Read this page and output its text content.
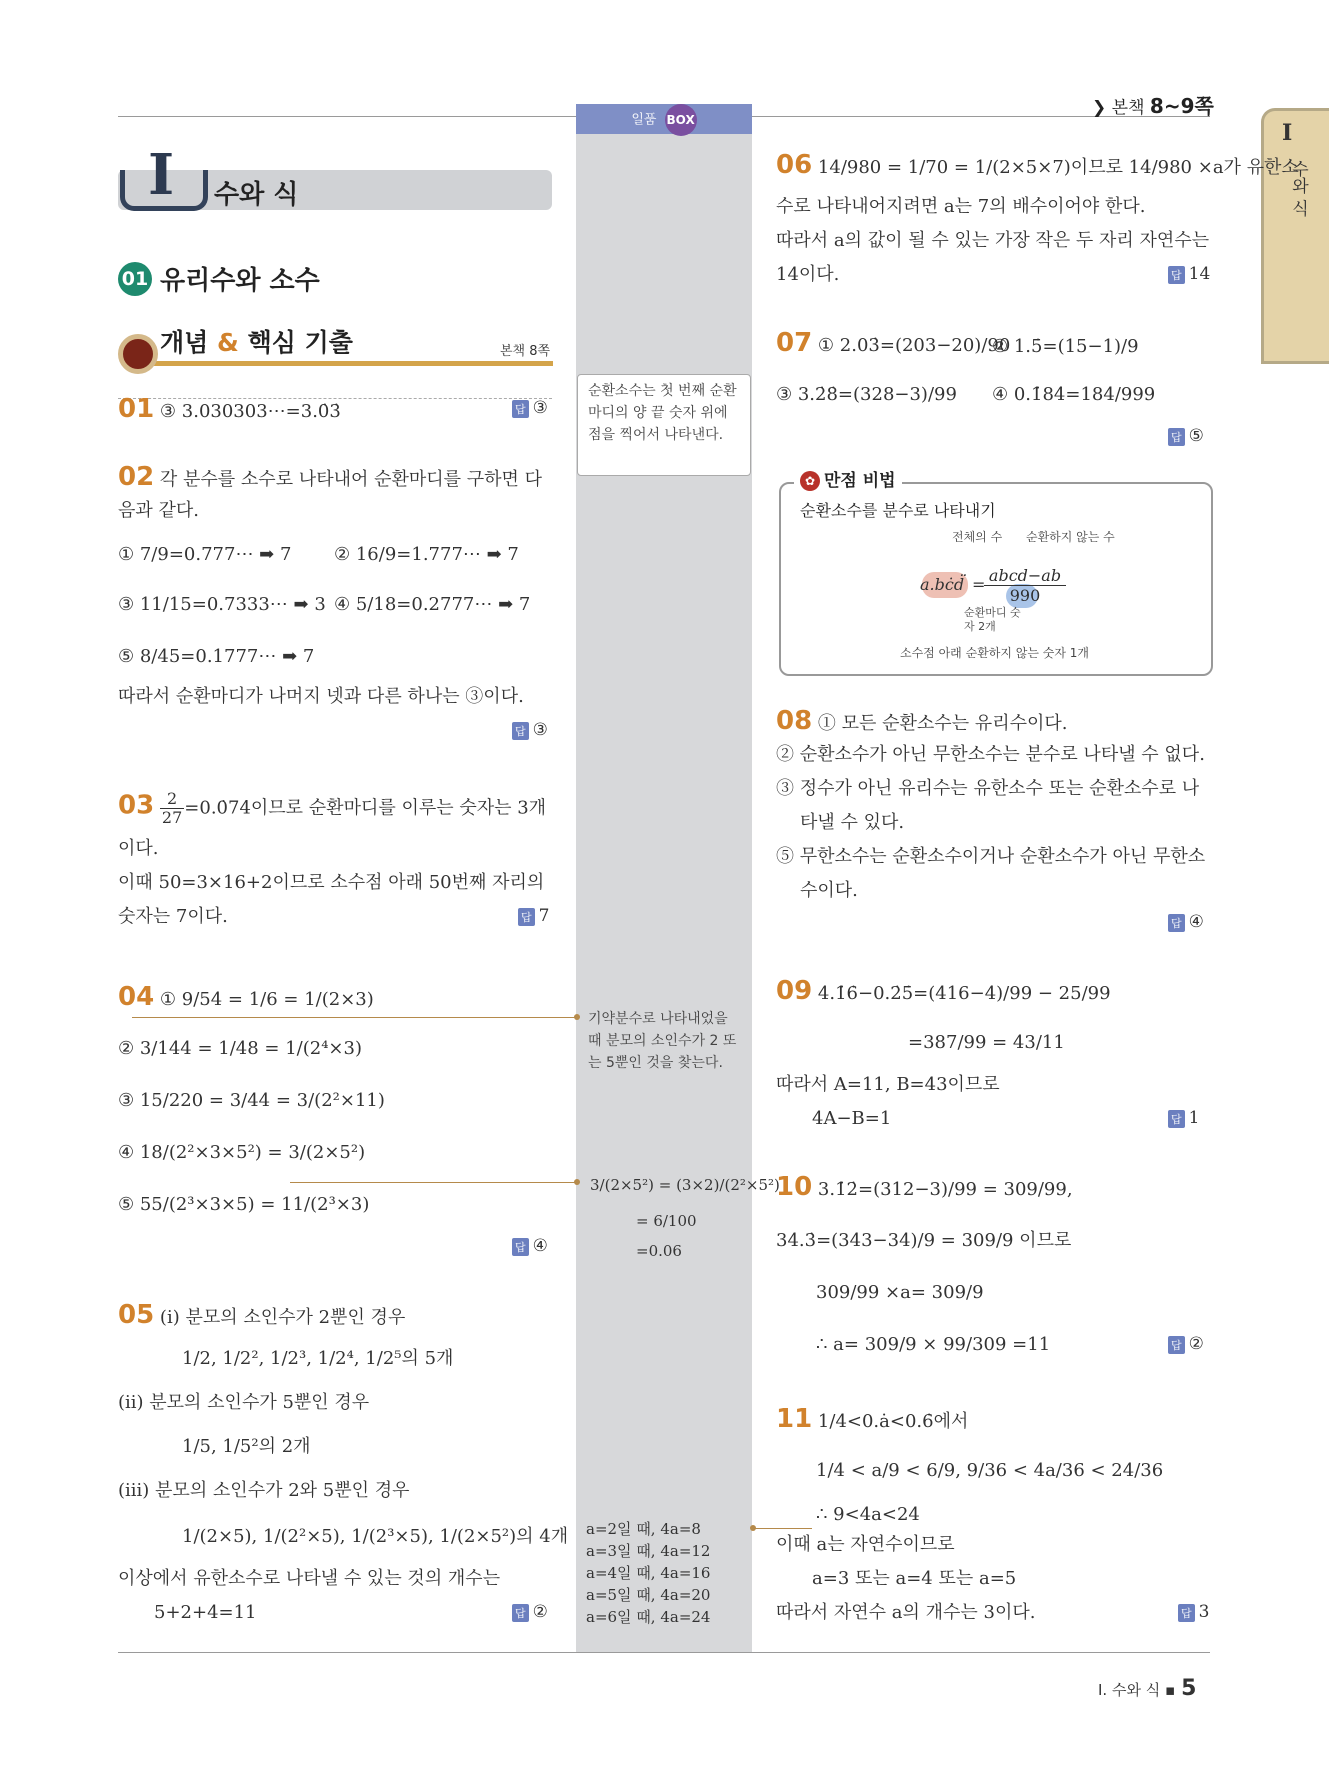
일품 BOX
❯ 본책 8~9쪽
I
수와 식
I 수와 식
01 유리수와 소수
개념 & 핵심 기출	본책 8쪽
01 ③ 3.030303⋯=3.0̇3̇	답 ③
02 각 분수를 소수로 나타내어 순환마디를 구하면 다
음과 같다.
① 7/9=0.777⋯ ➡ 7 ② 16/9=1.777⋯ ➡ 7
③ 11/15=0.7333⋯ ➡ 3 ④ 5/18=0.2777⋯ ➡ 7
⑤ 8/45=0.1777⋯ ➡ 7
따라서 순환마디가 나머지 넷과 다른 하나는 ③이다.
답 ③
$03 \frac{2}{27}$ =0.0̇74̇이므로 순환마디를 이루는 숫자는 3개
이다.
이때 50=3×16+2이므로 소수점 아래 50번째 자리의
숫자는 7이다.	답 7
04 ① 9/54 = 1/6 = 1/(2×3)
② 3/144 = 1/48 = 1/(2⁴×3)
③ 15/220 = 3/44 = 3/(2²×11)
④ 18/(2²×3×5²) = 3/(2×5²)
⑤ 55/(2³×3×5) = 11/(2³×3)
답 ④
05 (i) 분모의 소인수가 2뿐인 경우
1/2, 1/2², 1/2³, 1/2⁴, 1/2⁵의 5개
(ii) 분모의 소인수가 5뿐인 경우
1/5, 1/5²의 2개
(iii) 분모의 소인수가 2와 5뿐인 경우
1/(2×5), 1/(2²×5), 1/(2³×5), 1/(2×5²)의 4개
이상에서 유한소수로 나타낼 수 있는 것의 개수는
5+2+4=11	답 ②
순환소수는 첫 번째 순환마디의 양 끝 숫자 위에 점을 찍어서 나타낸다.
기약분수로 나타내었을 때 분모의 소인수가 2 또는 5뿐인 것을 찾는다.
3/(2×5²) = (3×2)/(2²×5²)
= 6/100
=0.06
a=2일 때, 4a=8
a=3일 때, 4a=12
a=4일 때, 4a=16
a=5일 때, 4a=20
a=6일 때, 4a=24
06 14/980 = 1/70 = 1/(2×5×7)이므로 14/980 ×a가 유한소
수로 나타내어지려면 a는 7의 배수이어야 한다.
따라서 a의 값이 될 수 있는 가장 작은 두 자리 자연수는
14이다.	답 14
07 ① 2.03̇=(203−20)/90
② 1.5̇=(15−1)/9
③ 3.2̇8̇=(328−3)/99 ④ 0.1̇84̇=184/999
답 ⑤
✿ 만점 비법
순환소수를 분수로 나타내기
전체의 수 순환하지 않는 수
a.bċd̈ = abcd−ab
990
순환마디 숫자 2개
소수점 아래 순환하지 않는 숫자 1개
08 ① 모든 순환소수는 유리수이다.
② 순환소수가 아닌 무한소수는 분수로 나타낼 수 없다.
③ 정수가 아닌 유리수는 유한소수 또는 순환소수로 나
타낼 수 있다.
⑤ 무한소수는 순환소수이거나 순환소수가 아닌 무한소
수이다.
답 ④
09 4.1̇6̇−0.2̇5̇=(416−4)/99 − 25/99
=387/99 = 43/11
따라서 A=11, B=43이므로
4A−B=1	답 1
10 3.1̇2̇=(312−3)/99 = 309/99,
34.3̇=(343−34)/9 = 309/9 이므로
309/99 ×a= 309/9
∴ a= 309/9 × 99/309 =11	답 ②
11 1/4<0.ȧ<0.6̇에서
1/4 < a/9 < 6/9, 9/36 < 4a/36 < 24/36
∴ 9<4a<24
이때 a는 자연수이므로
a=3 또는 a=4 또는 a=5
따라서 자연수 a의 개수는 3이다.	답 3
I. 수와 식 ▪ 5
